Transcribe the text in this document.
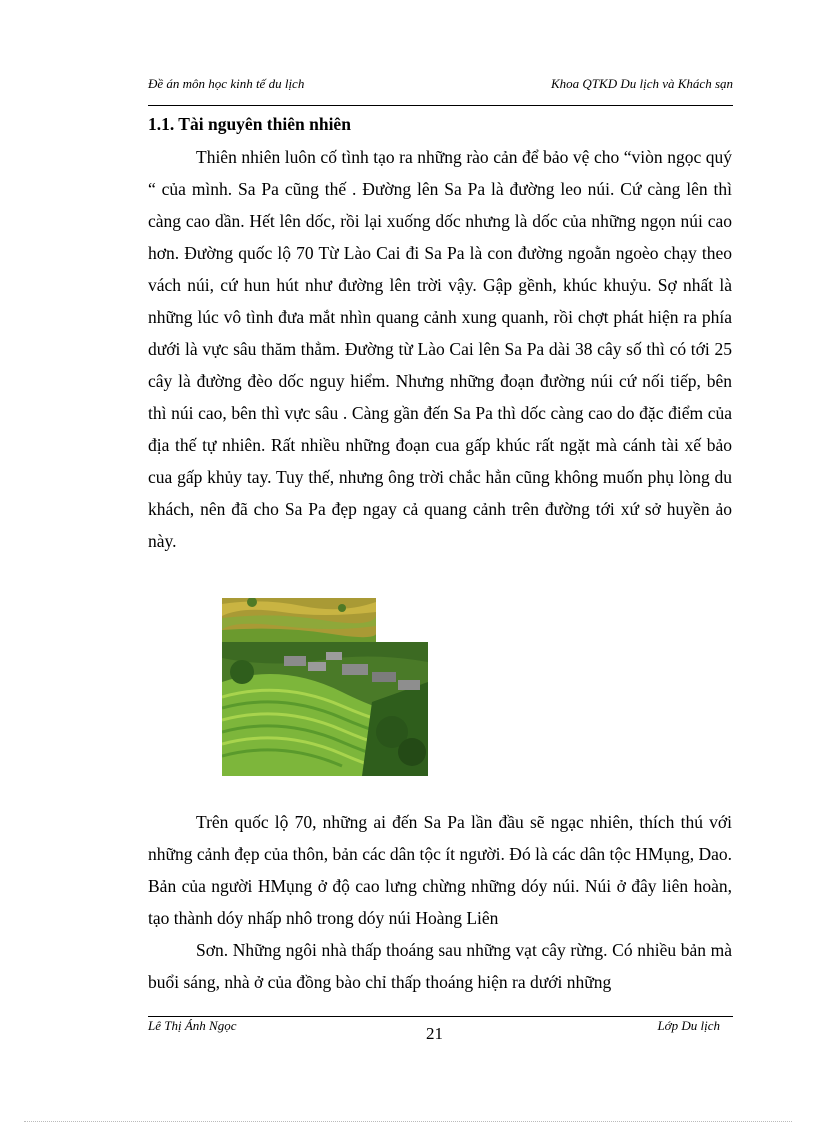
Đề án môn học kinh tế du lịch	Khoa QTKD Du lịch và Khách sạn
1.1. Tài nguyên thiên nhiên

Thiên nhiên luôn cố tình tạo ra những rào cản để bảo vệ cho “viòn ngọc quý “ của mình. Sa Pa cũng thế . Đường lên Sa Pa là đường leo núi. Cứ càng lên thì càng cao dần. Hết lên dốc, rồi lại xuống dốc nhưng là dốc của những ngọn núi cao hơn. Đường quốc lộ 70 Từ Lào Cai đi Sa Pa là con đường ngoằn ngoèo chạy theo vách núi, cứ hun hút như đường lên trời vậy. Gập gềnh, khúc khuỷu. Sợ nhất là những lúc vô tình đưa mắt nhìn quang cảnh xung quanh, rồi chợt phát hiện ra phía dưới là vực sâu thăm thẳm. Đường từ Lào Cai lên Sa Pa dài 38 cây số thì có tới 25 cây là đường đèo dốc nguy hiểm. Nhưng những đoạn đường núi cứ nối tiếp, bên thì núi cao, bên thì vực sâu . Càng gần đến Sa Pa thì dốc càng cao do đặc điểm của địa thế tự nhiên. Rất nhiều những đoạn cua gấp khúc rất ngặt mà cánh tài xế bảo cua gấp khủy tay. Tuy thế, nhưng ông trời chắc hẳn cũng không muốn phụ lòng du khách, nên đã cho Sa Pa đẹp ngay cả quang cảnh trên đường tới xứ sở huyền ảo này.

Trên quốc lộ 70, những ai đến Sa Pa lần đầu sẽ ngạc nhiên, thích thú với những cảnh đẹp của thôn, bản các dân tộc ít người. Đó là các dân tộc HMụng, Dao. Bản của người HMụng ở độ cao lưng chừng những dóy núi. Núi ở đây liên hoàn, tạo thành dóy nhấp nhô trong dóy núi Hoàng Liên

Sơn. Những ngôi nhà thấp thoáng sau những vạt cây rừng. Có nhiều bản mà buổi sáng, nhà ở của đồng bào chỉ thấp thoáng hiện ra dưới những

Lê Thị Ánh Ngọc	21	Lớp Du lịch
